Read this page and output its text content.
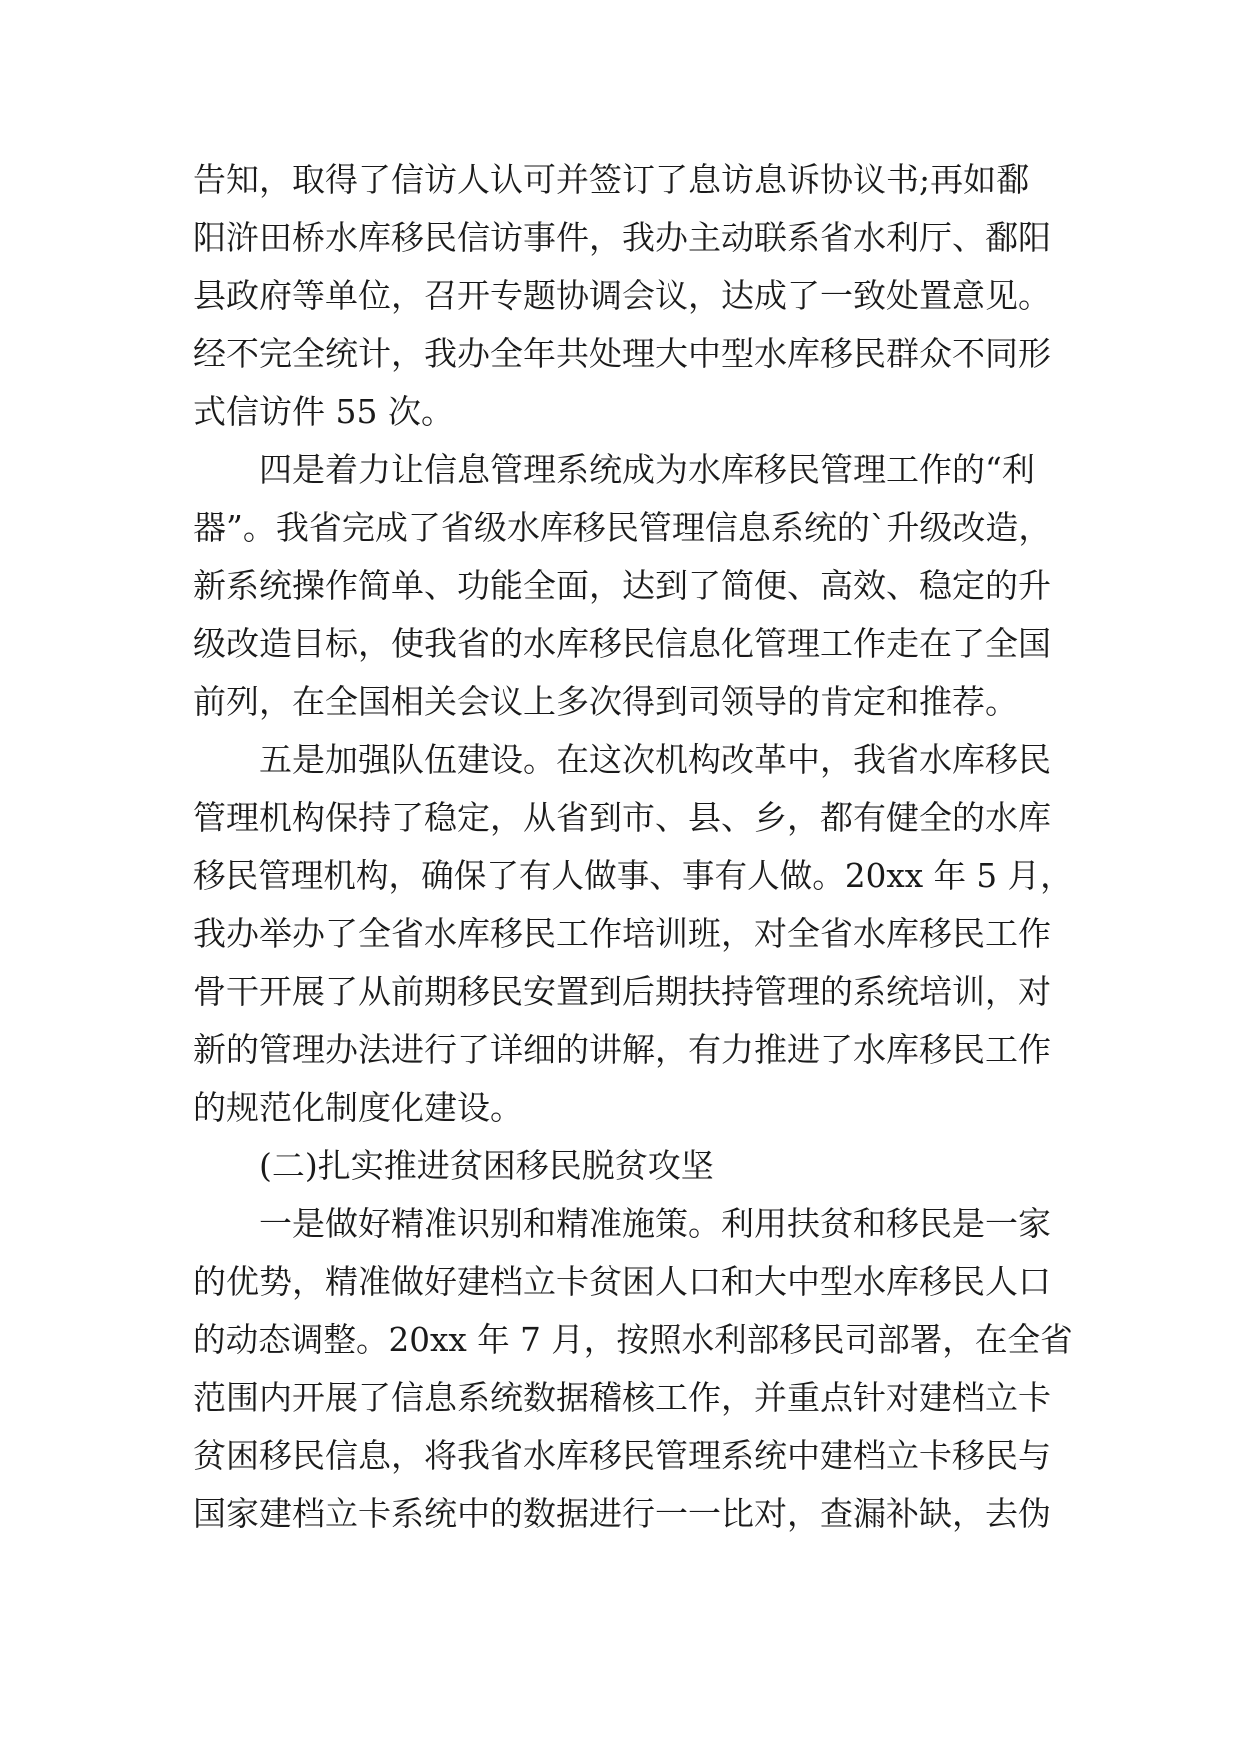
告知，取得了信访人认可并签订了息访息诉协议书;再如鄱
阳浒田桥水库移民信访事件，我办主动联系省水利厅、鄱阳
县政府等单位，召开专题协调会议，达成了一致处置意见。
经不完全统计，我办全年共处理大中型水库移民群众不同形
式信访件 55 次。
四是着力让信息管理系统成为水库移民管理工作的“利
器”。我省完成了省级水库移民管理信息系统的`升级改造，
新系统操作简单、功能全面，达到了简便、高效、稳定的升
级改造目标，使我省的水库移民信息化管理工作走在了全国
前列，在全国相关会议上多次得到司领导的肯定和推荐。
五是加强队伍建设。在这次机构改革中，我省水库移民
管理机构保持了稳定，从省到市、县、乡，都有健全的水库
移民管理机构，确保了有人做事、事有人做。20xx 年 5 月，
我办举办了全省水库移民工作培训班，对全省水库移民工作
骨干开展了从前期移民安置到后期扶持管理的系统培训，对
新的管理办法进行了详细的讲解，有力推进了水库移民工作
的规范化制度化建设。
(二)扎实推进贫困移民脱贫攻坚
一是做好精准识别和精准施策。利用扶贫和移民是一家
的优势，精准做好建档立卡贫困人口和大中型水库移民人口
的动态调整。20xx 年 7 月，按照水利部移民司部署，在全省
范围内开展了信息系统数据稽核工作，并重点针对建档立卡
贫困移民信息，将我省水库移民管理系统中建档立卡移民与
国家建档立卡系统中的数据进行一一比对，查漏补缺，去伪
